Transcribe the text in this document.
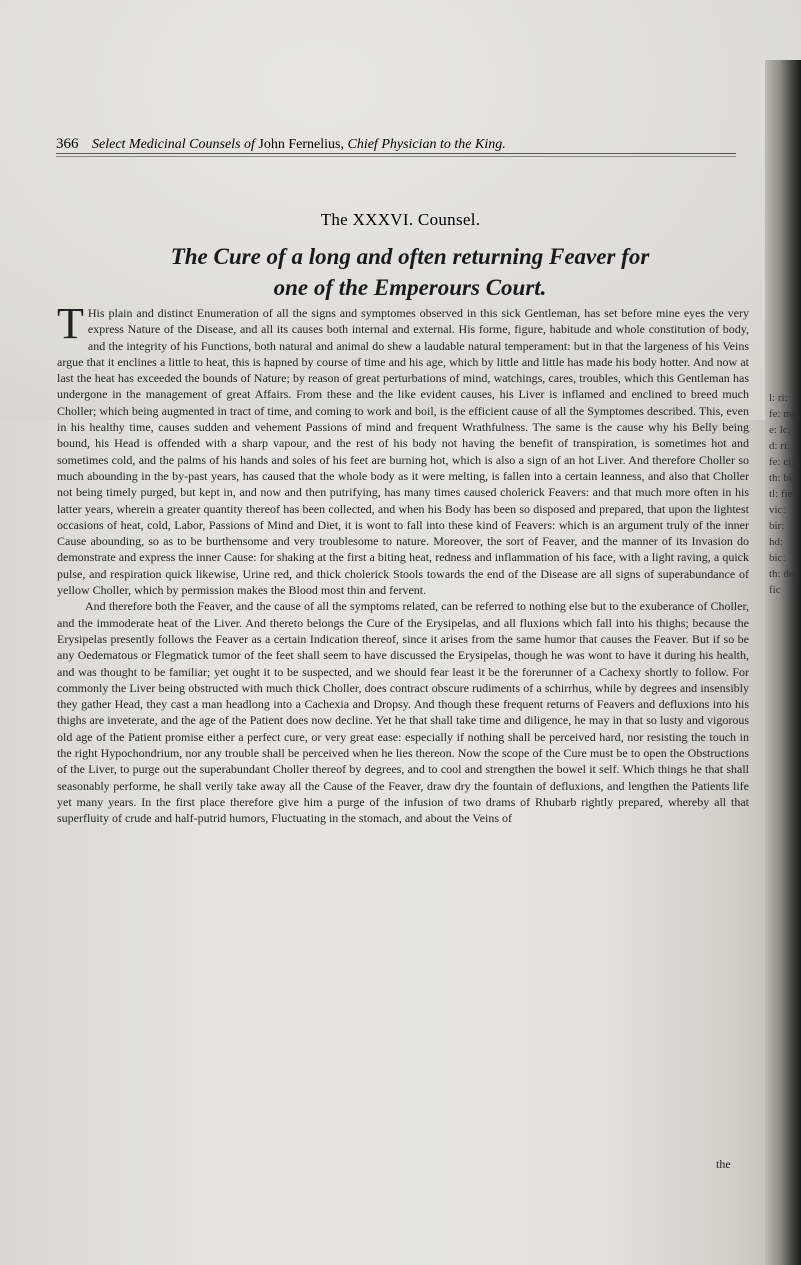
l: ri: fe: mi: e: lc: d: ri: fe: ci: th: bi: tl: fie: vic: bir: hd: bic: th: de: fic
366 Select Medicinal Counsels of John Fernelius, Chief Physician to the King.
The XXXVI. Counsel.
The Cure of a long and often returning Feaver for
one of the Emperours Court.

T His plain and distinct Enumeration of all the signs and symptomes observed in this sick Gentleman, has set before mine eyes the very express Nature of the Disease, and all its causes both internal and external. His forme, figure, habitude and whole constitution of body, and the integrity of his Functions, both natural and animal do shew a laudable natural temperament: but in that the largeness of his Veins argue that it enclines a little to heat, this is hapned by course of time and his age, which by little and little has made his body hotter. And now at last the heat has exceeded the bounds of Nature; by reason of great perturbations of mind, watchings, cares, troubles, which this Gentleman has undergone in the management of great Affairs. From these and the like evident causes, his Liver is inflamed and enclined to breed much Choller; which being augmented in tract of time, and coming to work and boil, is the efficient cause of all the Symptomes described. This, even in his healthy time, causes sudden and vehement Passions of mind and frequent Wrathfulness. The same is the cause why his Belly being bound, his Head is offended with a sharp vapour, and the rest of his body not having the benefit of transpiration, is sometimes hot and sometimes cold, and the palms of his hands and soles of his feet are burning hot, which is also a sign of an hot Liver. And therefore Choller so much abounding in the by-past years, has caused that the whole body as it were melting, is fallen into a certain leanness, and also that Choller not being timely purged, but kept in, and now and then putrifying, has many times caused cholerick Feavers: and that much more often in his latter years, wherein a greater quantity thereof has been collected, and when his Body has been so disposed and prepared, that upon the lightest occasions of heat, cold, Labor, Passions of Mind and Diet, it is wont to fall into these kind of Feavers: which is an argument truly of the inner Cause abounding, so as to be burthensome and very troublesome to nature. Moreover, the sort of Feaver, and the manner of its Invasion do demonstrate and express the inner Cause: for shaking at the first a biting heat, redness and inflammation of his face, with a light raving, a quick pulse, and respiration quick likewise, Urine red, and thick cholerick Stools towards the end of the Disease are all signs of superabundance of yellow Choller, which by permission makes the Blood most thin and fervent.

And therefore both the Feaver, and the cause of all the symptoms related, can be referred to nothing else but to the exuberance of Choller, and the immoderate heat of the Liver. And thereto belongs the Cure of the Erysipelas, and all fluxions which fall into his thighs; because the Erysipelas presently follows the Feaver as a certain Indication thereof, since it arises from the same humor that causes the Feaver. But if so be any Oedematous or Flegmatick tumor of the feet shall seem to have discussed the Erysipelas, though he was wont to have it during his health, and was thought to be familiar; yet ought it to be suspected, and we should fear least it be the forerunner of a Cachexy shortly to follow. For commonly the Liver being obstructed with much thick Choller, does contract obscure rudiments of a schirrhus, while by degrees and insensibly they gather Head, they cast a man headlong into a Cachexia and Dropsy. And though these frequent returns of Feavers and defluxions into his thighs are inveterate, and the age of the Patient does now decline. Yet he that shall take time and diligence, he may in that so lusty and vigorous old age of the Patient promise either a perfect cure, or very great ease: especially if nothing shall be perceived hard, nor resisting the touch in the right Hypochondrium, nor any trouble shall be perceived when he lies thereon. Now the scope of the Cure must be to open the Obstructions of the Liver, to purge out the superabundant Choller thereof by degrees, and to cool and strengthen the bowel it self. Which things he that shall seasonably performe, he shall verily take away all the Cause of the Feaver, draw dry the fountain of defluxions, and lengthen the Patients life yet many years. In the first place therefore give him a purge of the infusion of two drams of Rhubarb rightly prepared, whereby all that superfluity of crude and half-putrid humors, Fluctuating in the stomach, and about the Veins of

the
